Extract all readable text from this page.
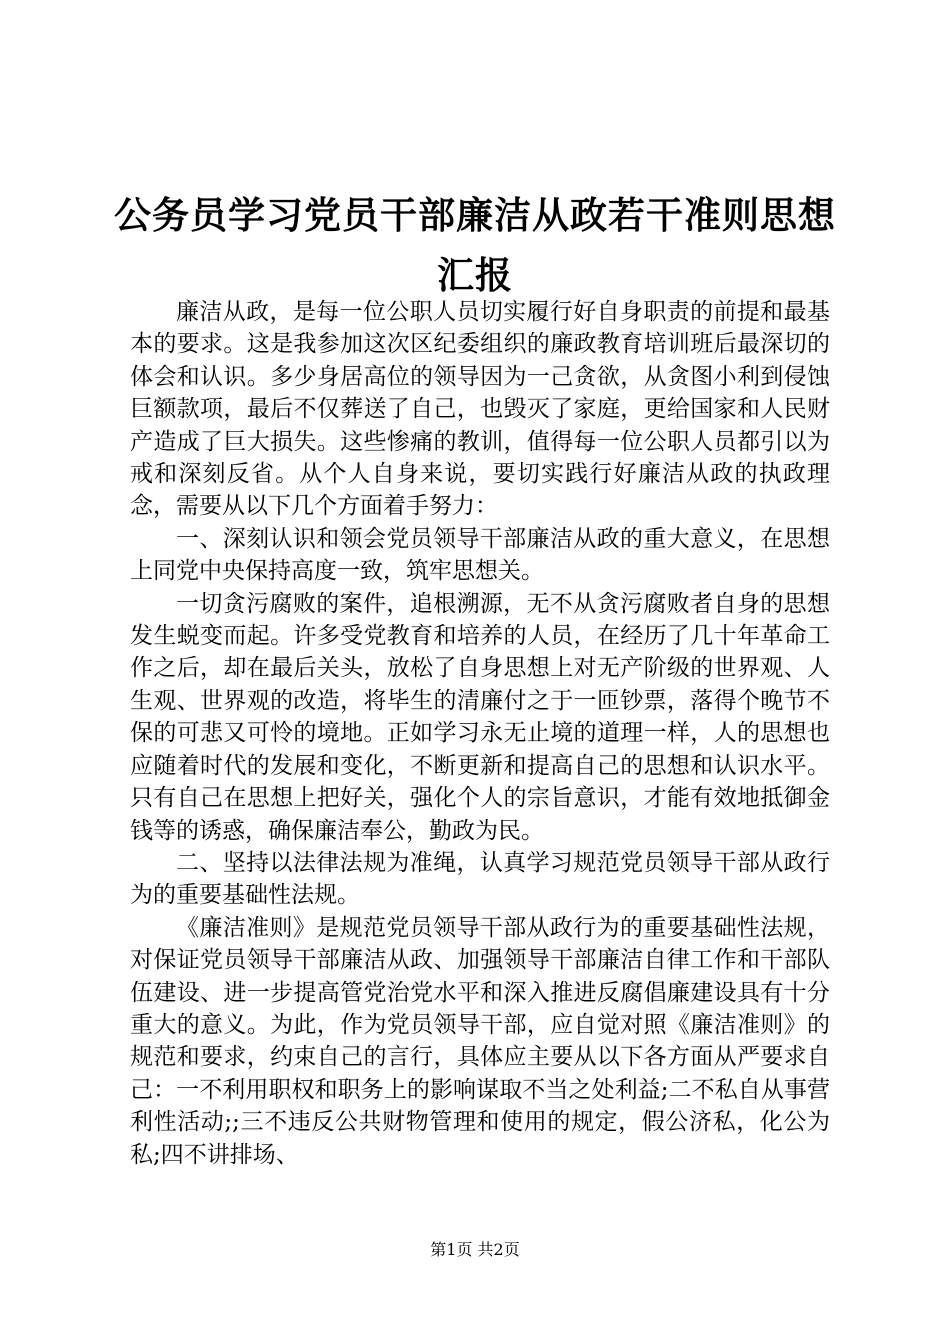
公务员学习党员干部廉洁从政若干准则思想汇报

廉洁从政，是每一位公职人员切实履行好自身职责的前提和最基本的要求。这是我参加这次区纪委组织的廉政教育培训班后最深切的体会和认识。多少身居高位的领导因为一己贪欲，从贪图小利到侵蚀巨额款项，最后不仅葬送了自己，也毁灭了家庭，更给国家和人民财产造成了巨大损失。这些惨痛的教训，值得每一位公职人员都引以为戒和深刻反省。从个人自身来说，要切实践行好廉洁从政的执政理念，需要从以下几个方面着手努力：

一、深刻认识和领会党员领导干部廉洁从政的重大意义，在思想上同党中央保持高度一致，筑牢思想关。

一切贪污腐败的案件，追根溯源，无不从贪污腐败者自身的思想发生蜕变而起。许多受党教育和培养的人员，在经历了几十年革命工作之后，却在最后关头，放松了自身思想上对无产阶级的世界观、人生观、世界观的改造，将毕生的清廉付之于一匝钞票，落得个晚节不保的可悲又可怜的境地。正如学习永无止境的道理一样，人的思想也应随着时代的发展和变化，不断更新和提高自己的思想和认识水平。只有自己在思想上把好关，强化个人的宗旨意识，才能有效地抵御金钱等的诱惑，确保廉洁奉公，勤政为民。

二、坚持以法律法规为准绳，认真学习规范党员领导干部从政行为的重要基础性法规。

《廉洁准则》是规范党员领导干部从政行为的重要基础性法规，对保证党员领导干部廉洁从政、加强领导干部廉洁自律工作和干部队伍建设、进一步提高管党治党水平和深入推进反腐倡廉建设具有十分重大的意义。为此，作为党员领导干部，应自觉对照《廉洁准则》的规范和要求，约束自己的言行，具体应主要从以下各方面从严要求自己：一不利用职权和职务上的影响谋取不当之处利益;二不私自从事营利性活动;;三不违反公共财物管理和使用的规定，假公济私，化公为私;四不讲排场、

第1页 共2页
